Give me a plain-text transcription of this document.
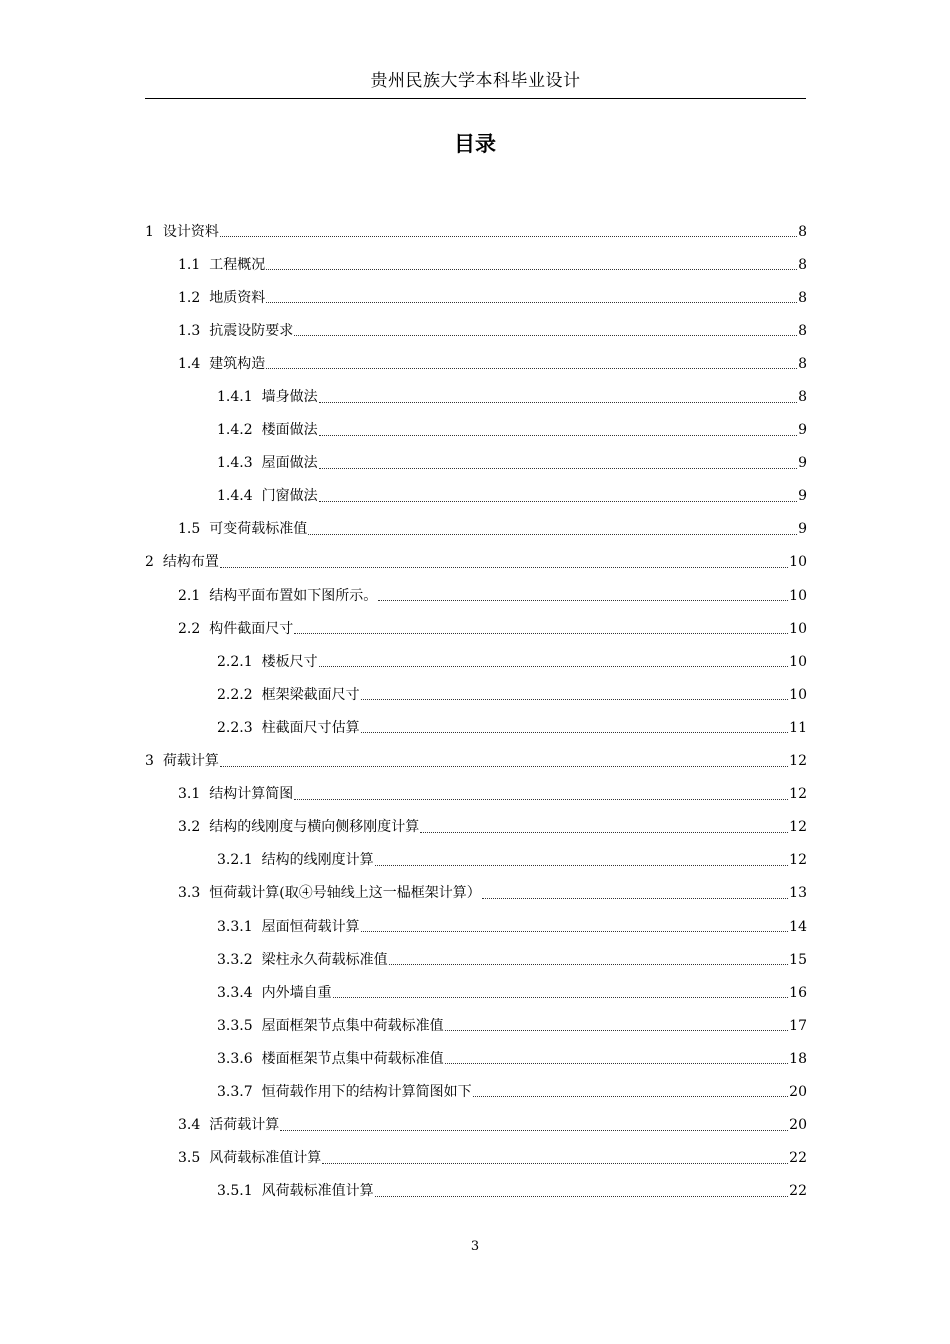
贵州民族大学本科毕业设计
目录
1 设计资料	8
1.1 工程概况	8
1.2 地质资料	8
1.3 抗震设防要求	8
1.4 建筑构造	8
1.4.1 墙身做法	8
1.4.2 楼面做法	9
1.4.3 屋面做法	9
1.4.4 门窗做法	9
1.5 可变荷载标准值	9
2 结构布置	10
2.1 结构平面布置如下图所示。	10
2.2 构件截面尺寸	10
2.2.1 楼板尺寸	10
2.2.2 框架梁截面尺寸	10
2.2.3 柱截面尺寸估算	11
3 荷载计算	12
3.1 结构计算简图	12
3.2 结构的线刚度与横向侧移刚度计算	12
3.2.1 结构的线刚度计算	12
3.3 恒荷载计算(取④号轴线上这一榀框架计算）	13
3.3.1 屋面恒荷载计算	14
3.3.2 梁柱永久荷载标准值	15
3.3.4 内外墙自重	16
3.3.5 屋面框架节点集中荷载标准值	17
3.3.6 楼面框架节点集中荷载标准值	18
3.3.7 恒荷载作用下的结构计算简图如下	20
3.4 活荷载计算	20
3.5 风荷载标准值计算	22
3.5.1 风荷载标准值计算	22
3
